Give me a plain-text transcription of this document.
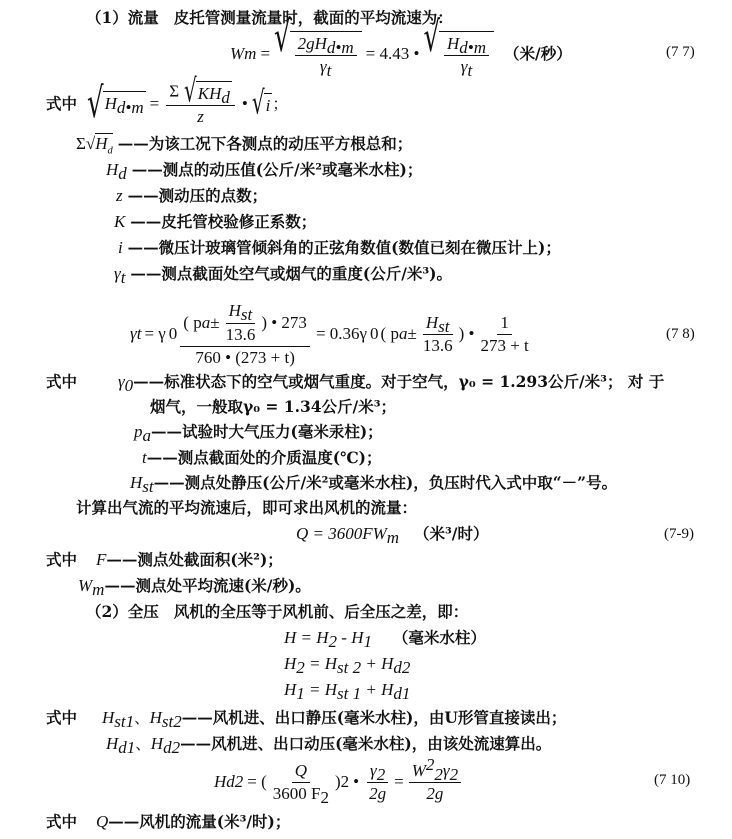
（1）流量 皮托管测量流量时，截面的平均流速为：
W m = √ $\frac{2gH_{d•m}}{\gamma_t} = 4.43$ • √ $\frac{H_{d•m}}{\gamma_t}$ （米/秒）	(7 7)
式中 √ $H_{d•m} = \frac{\Sigma √ KH_d}{z}$ • √ i ；
$\Sigma√H_d$ ——为该工况下各测点的动压平方根总和；
$H_d$ ——测点的动压值(公斤/米²或毫米水柱)；
z ——测动压的点数；
K ——皮托管校验修正系数；
i ——微压计玻璃管倾斜角的正弦角数值(数值已刻在微压计上)；
$\gamma_t$ ——测点截面处空气或烟气的重度(公斤/米³)。
γ t = γ $0 \frac{( p a \pm \frac{H_{st}}{13.6} ) • 273}{760 • (273 + t)} = 0.36\gamma$ 0 ( p $a \pm \frac{H_{st}}{13.6}$ ) • $\frac{1}{273 + t}$	(7 8)
式中 $\gamma_0——$标准状态下的空气或烟气重度。对于空气，γ₀ = 1.293公斤/米³； 对 于
烟气，一般取γ₀ = 1.34公斤/米³；
$p_a——$试验时大气压力(毫米汞柱)；
t——测点截面处的介质温度(℃)；
$H_{st}——$测点处静压(公斤/米²或毫米水柱)，负压时代入式中取“－”号。
计算出气流的平均流速后，即可求出风机的流量：
$Q = 3600FW_m$ （米³/时）	(7-9)
式中 F——测点处截面积(米²)；
$W_m——$测点处平均流速(米/秒)。
（2）全压 风机的全压等于风机前、后全压之差，即：
$H = H_2 - H_1$ （毫米水柱）
$H_2 = H_{st 2} + H_{d2}$
$H_1 = H_{st 1} + H_{d1}$
式中 $H_{st1}$、$H_{st2}——$风机进、出口静压(毫米水柱)，由U形管直接读出；
$H_{d1}$、$H_{d2}——$风机进、出口动压(毫米水柱)，由该处流速算出。
H d2 = ( $\frac{Q}{3600 F_2}$ ) 2 • $\frac{\gamma_2}{2g} = \frac{W^2_2\gamma_2}{2g}$	(7 10)
式中 Q——风机的流量(米³/时)；
